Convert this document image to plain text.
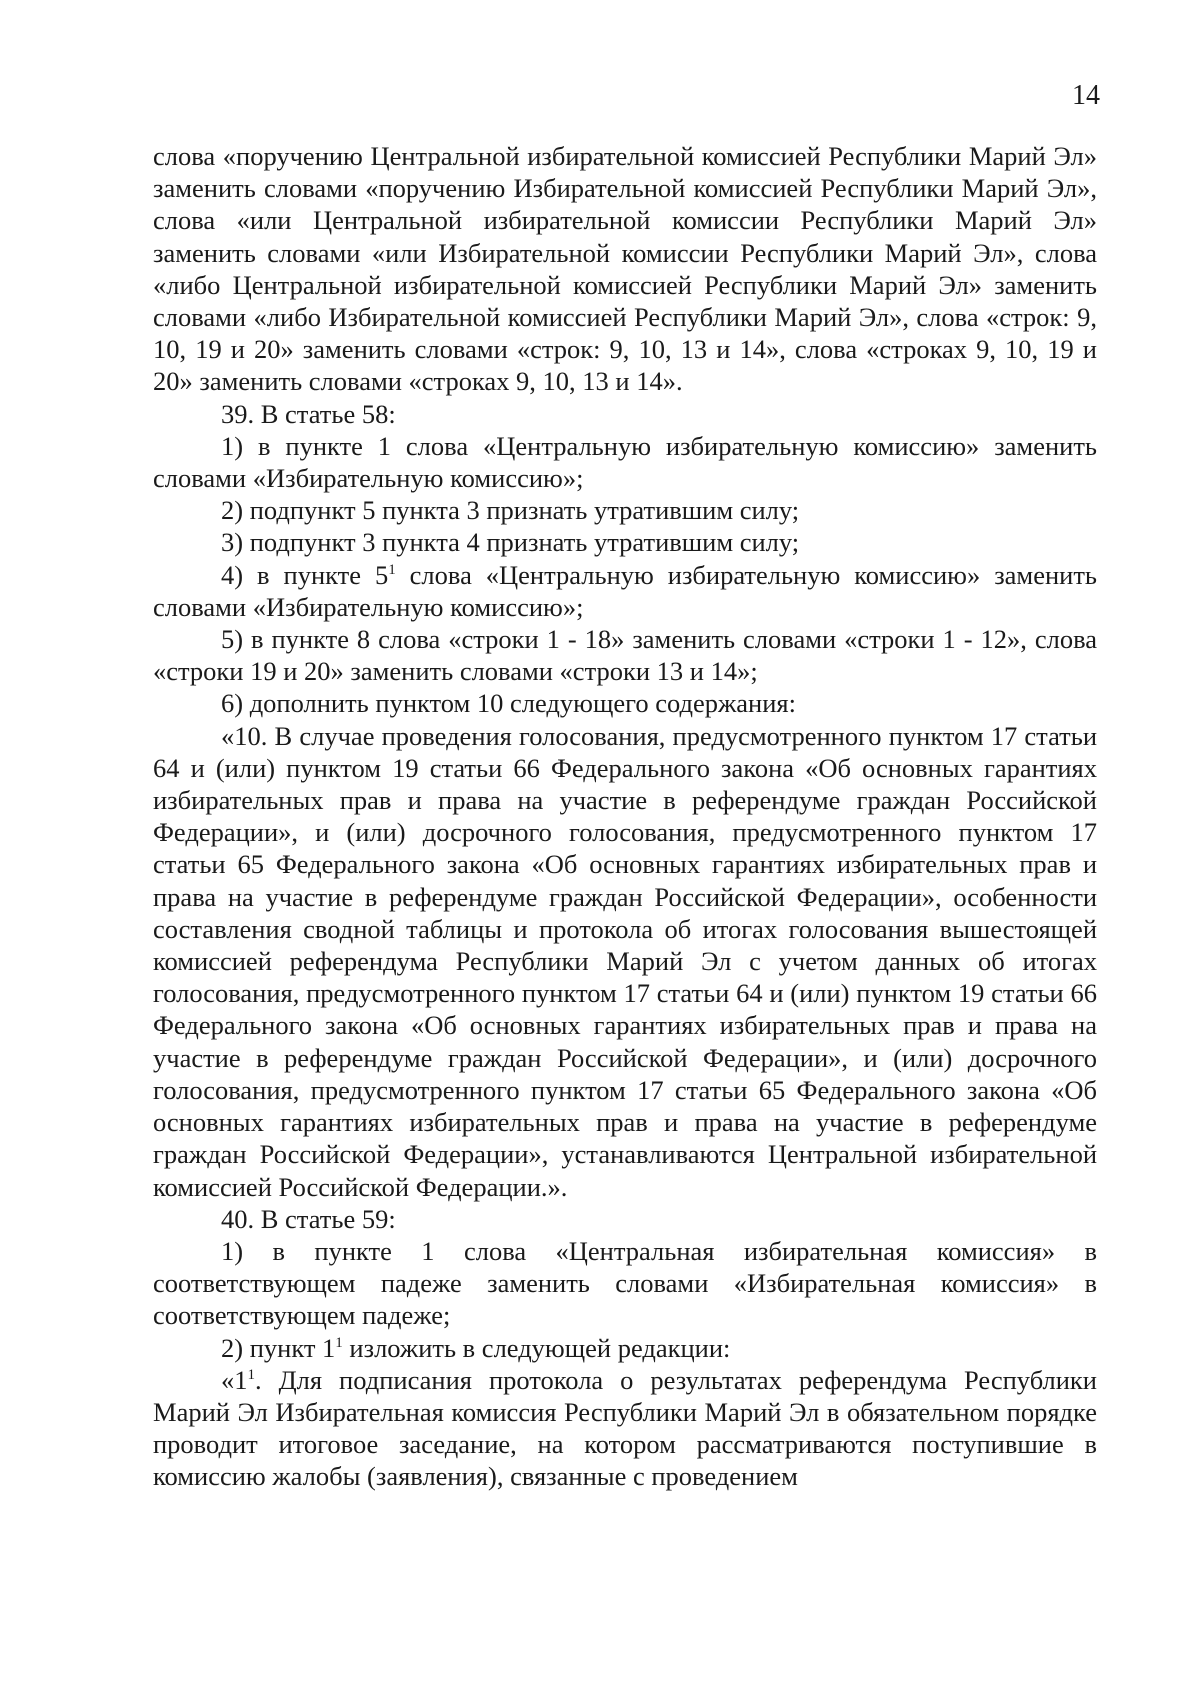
14

слова «поручению Центральной избирательной комиссией Республики Марий Эл» заменить словами «поручению Избирательной комиссией Республики Марий Эл», слова «или Центральной избирательной комиссии Республики Марий Эл» заменить словами «или Избирательной комиссии Республики Марий Эл», слова «либо Центральной избирательной комиссией Республики Марий Эл» заменить словами «либо Избирательной комиссией Республики Марий Эл», слова «строк: 9, 10, 19 и 20» заменить словами «строк: 9, 10, 13 и 14», слова «строках 9, 10, 19 и 20» заменить словами «строках 9, 10, 13 и 14».

39. В статье 58:

1) в пункте 1 слова «Центральную избирательную комиссию» заменить словами «Избирательную комиссию»;

2) подпункт 5 пункта 3 признать утратившим силу;

3) подпункт 3 пункта 4 признать утратившим силу;

4) в пункте $5^1$ слова «Центральную избирательную комиссию» заменить словами «Избирательную комиссию»;

5) в пункте 8 слова «строки 1 - 18» заменить словами «строки 1 - 12», слова «строки 19 и 20» заменить словами «строки 13 и 14»;

6) дополнить пунктом 10 следующего содержания:

«10. В случае проведения голосования, предусмотренного пунктом 17 статьи 64 и (или) пунктом 19 статьи 66 Федерального закона «Об основных гарантиях избирательных прав и права на участие в референдуме граждан Российской Федерации», и (или) досрочного голосования, предусмотренного пунктом 17 статьи 65 Федерального закона «Об основных гарантиях избирательных прав и права на участие в референдуме граждан Российской Федерации», особенности составления сводной таблицы и протокола об итогах голосования вышестоящей комиссией референдума Республики Марий Эл с учетом данных об итогах голосования, предусмотренного пунктом 17 статьи 64 и (или) пунктом 19 статьи 66 Федерального закона «Об основных гарантиях избирательных прав и права на участие в референдуме граждан Российской Федерации», и (или) досрочного голосования, предусмотренного пунктом 17 статьи 65 Федерального закона «Об основных гарантиях избирательных прав и права на участие в референдуме граждан Российской Федерации», устанавливаются Центральной избирательной комиссией Российской Федерации.».

40. В статье 59:

1) в пункте 1 слова «Центральная избирательная комиссия» в соответствующем падеже заменить словами «Избирательная комиссия» в соответствующем падеже;

2) пункт $1^1$ изложить в следующей редакции:

«$1^1$. Для подписания протокола о результатах референдума Республики Марий Эл Избирательная комиссия Республики Марий Эл в обязательном порядке проводит итоговое заседание, на котором рассматриваются поступившие в комиссию жалобы (заявления), связанные с проведением
